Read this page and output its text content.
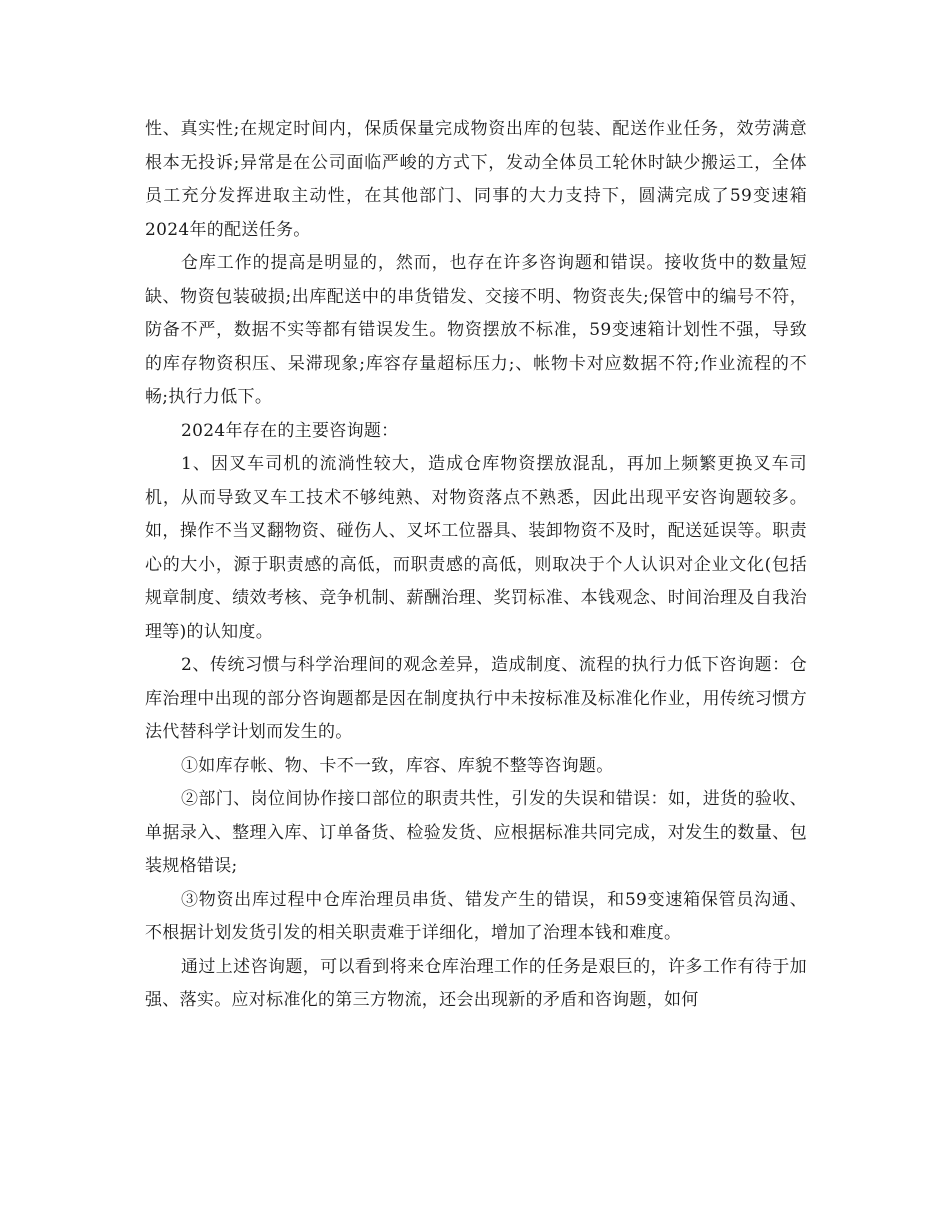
性、真实性;在规定时间内，保质保量完成物资出库的包装、配送作业任务，效劳满意根本无投诉;异常是在公司面临严峻的方式下，发动全体员工轮休时缺少搬运工，全体员工充分发挥进取主动性，在其他部门、同事的大力支持下，圆满完成了59变速箱2024年的配送任务。

仓库工作的提高是明显的，然而，也存在许多咨询题和错误。接收货中的数量短缺、物资包装破损;出库配送中的串货错发、交接不明、物资丧失;保管中的编号不符，防备不严，数据不实等都有错误发生。物资摆放不标准，59变速箱计划性不强，导致的库存物资积压、呆滞现象;库容存量超标压力;、帐物卡对应数据不符;作业流程的不畅;执行力低下。

2024年存在的主要咨询题：

1、因叉车司机的流淌性较大，造成仓库物资摆放混乱，再加上频繁更换叉车司机，从而导致叉车工技术不够纯熟、对物资落点不熟悉，因此出现平安咨询题较多。如，操作不当叉翻物资、碰伤人、叉坏工位器具、装卸物资不及时，配送延误等。职责心的大小，源于职责感的高低，而职责感的高低，则取决于个人认识对企业文化(包括规章制度、绩效考核、竞争机制、薪酬治理、奖罚标准、本钱观念、时间治理及自我治理等)的认知度。

2、传统习惯与科学治理间的观念差异，造成制度、流程的执行力低下咨询题：仓库治理中出现的部分咨询题都是因在制度执行中未按标准及标准化作业，用传统习惯方法代替科学计划而发生的。

①如库存帐、物、卡不一致，库容、库貌不整等咨询题。

②部门、岗位间协作接口部位的职责共性，引发的失误和错误：如，进货的验收、单据录入、整理入库、订单备货、检验发货、应根据标准共同完成，对发生的数量、包装规格错误;

③物资出库过程中仓库治理员串货、错发产生的错误，和59变速箱保管员沟通、不根据计划发货引发的相关职责难于详细化，增加了治理本钱和难度。

通过上述咨询题，可以看到将来仓库治理工作的任务是艰巨的，许多工作有待于加强、落实。应对标准化的第三方物流，还会出现新的矛盾和咨询题，如何
